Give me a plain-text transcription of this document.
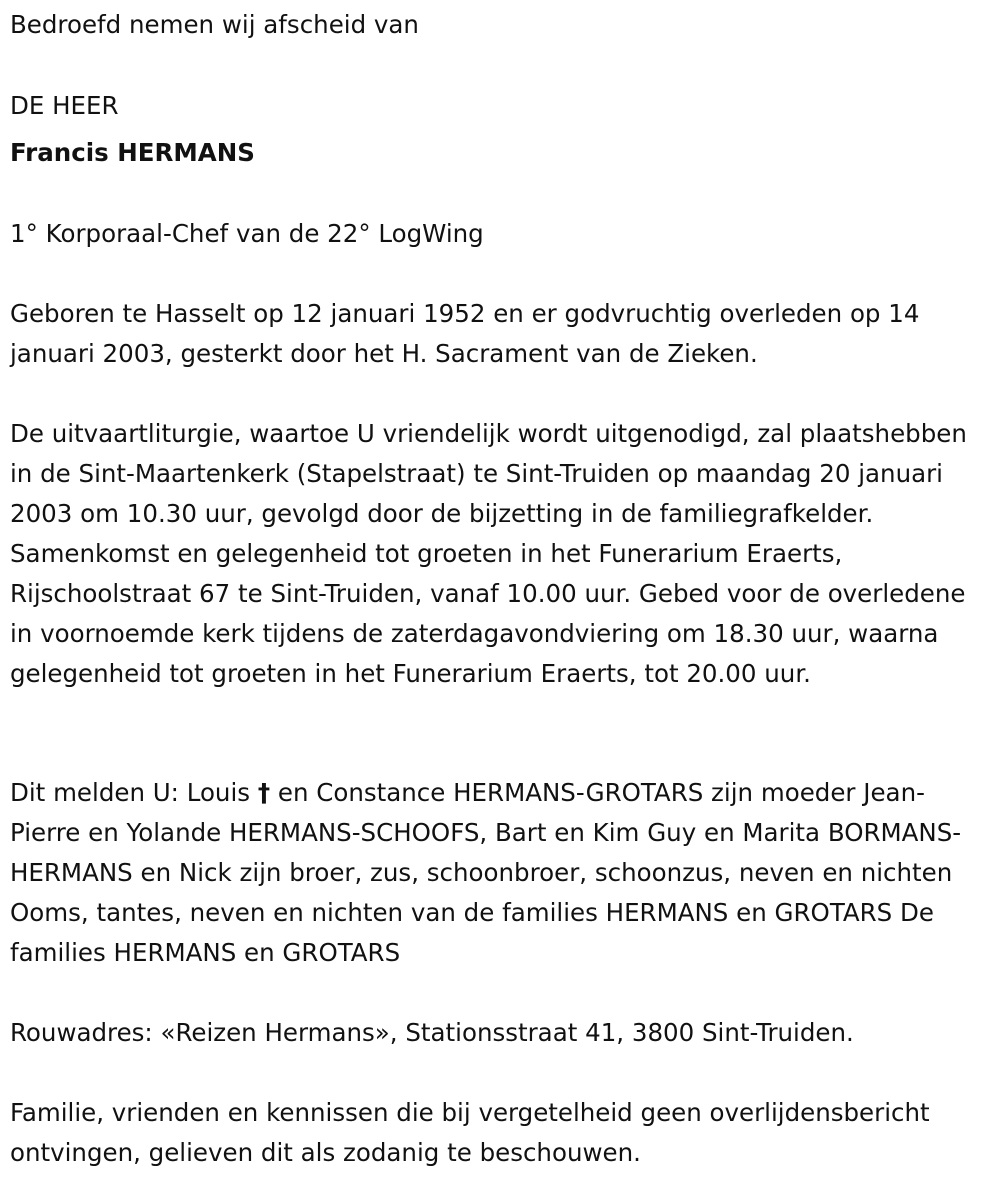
Bedroefd nemen wij afscheid van

DE HEER

Francis HERMANS

1° Korporaal-Chef van de 22° LogWing

Geboren te Hasselt op 12 januari 1952 en er godvruchtig overleden op 14 januari 2003, gesterkt door het H. Sacrament van de Zieken.

De uitvaartliturgie, waartoe U vriendelijk wordt uitgenodigd, zal plaatshebben in de Sint-Maartenkerk (Stapelstraat) te Sint-Truiden op maandag 20 januari 2003 om 10.30 uur, gevolgd door de bijzetting in de familiegrafkelder. Samenkomst en gelegenheid tot groeten in het Funerarium Eraerts, Rijschoolstraat 67 te Sint-Truiden, vanaf 10.00 uur. Gebed voor de overledene in voornoemde kerk tijdens de zaterdagavondviering om 18.30 uur, waarna gelegenheid tot groeten in het Funerarium Eraerts, tot 20.00 uur.

Dit melden U: Louis † en Constance HERMANS-GROTARS zijn moeder Jean-Pierre en Yolande HERMANS-SCHOOFS, Bart en Kim Guy en Marita BORMANS-HERMANS en Nick zijn broer, zus, schoonbroer, schoonzus, neven en nichten Ooms, tantes, neven en nichten van de families HERMANS en GROTARS De families HERMANS en GROTARS

Rouwadres: «Reizen Hermans», Stationsstraat 41, 3800 Sint-Truiden.

Familie, vrienden en kennissen die bij vergetelheid geen overlijdensbericht ontvingen, gelieven dit als zodanig te beschouwen.
